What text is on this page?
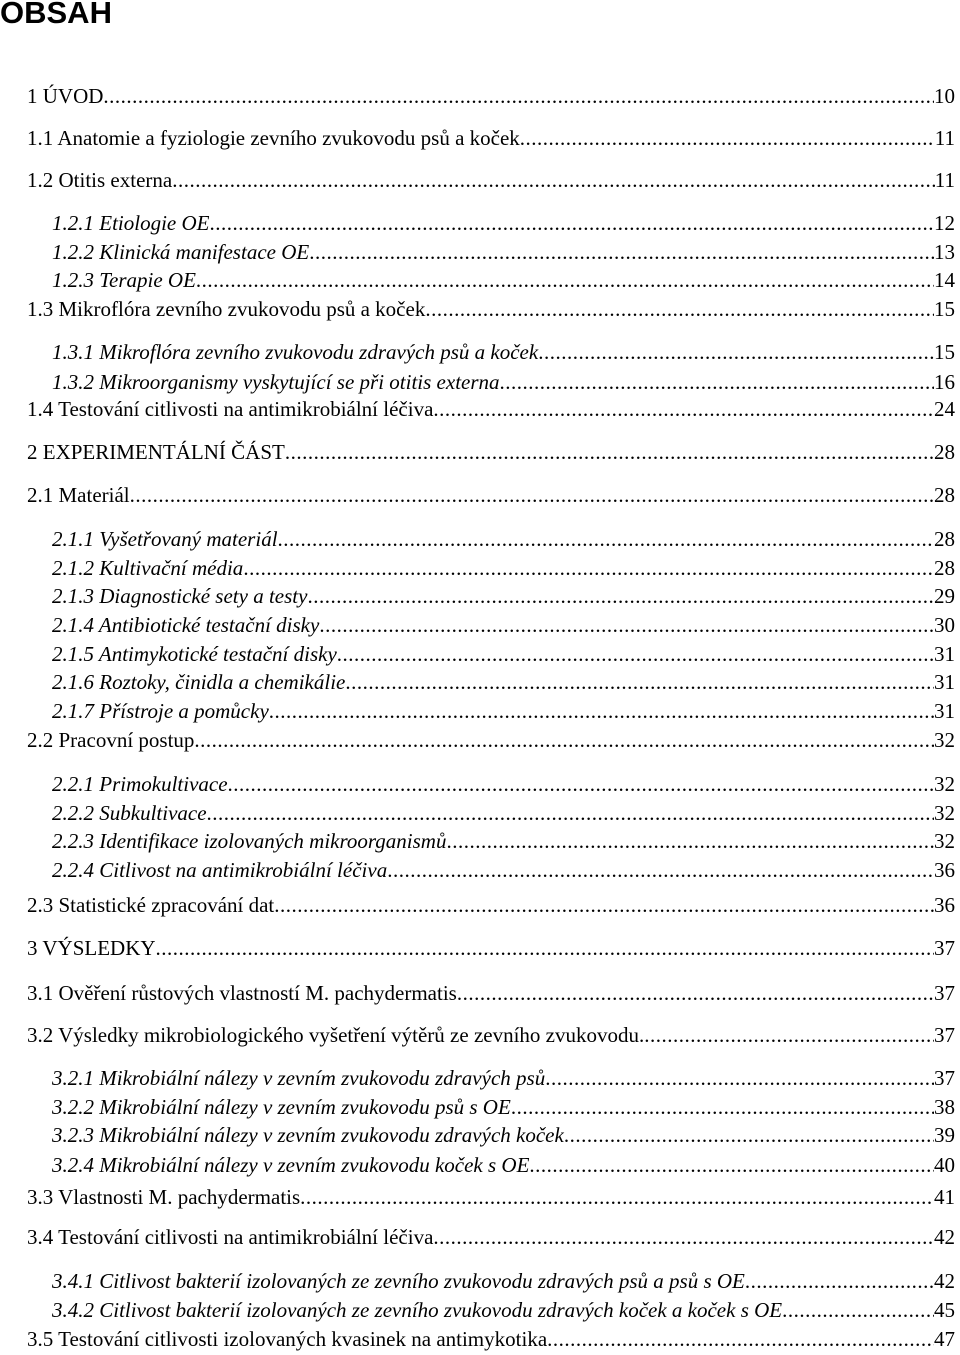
OBSAH
1 ÚVOD .....	10
1.1 Anatomie a fyziologie zevního zvukovodu psů a koček .....	11
1.2 Otitis externa .....	11
1.2.1 Etiologie OE .....	12
1.2.2 Klinická manifestace OE .....	13
1.2.3 Terapie OE .....	14
1.3 Mikroflóra zevního zvukovodu psů a koček .....	15
1.3.1 Mikroflóra zevního zvukovodu zdravých psů a koček .....	15
1.3.2 Mikroorganismy vyskytující se při otitis externa .....	16
1.4 Testování citlivosti na antimikrobiální léčiva .....	24
2 EXPERIMENTÁLNÍ ČÁST .....	28
2.1 Materiál .....	28
2.1.1 Vyšetřovaný materiál .....	28
2.1.2 Kultivační média .....	28
2.1.3 Diagnostické sety a testy .....	29
2.1.4 Antibiotické testační disky .....	30
2.1.5 Antimykotické testační disky .....	31
2.1.6 Roztoky, činidla a chemikálie .....	31
2.1.7 Přístroje a pomůcky .....	31
2.2 Pracovní postup .....	32
2.2.1 Primokultivace .....	32
2.2.2 Subkultivace .....	32
2.2.3 Identifikace izolovaných mikroorganismů .....	32
2.2.4 Citlivost na antimikrobiální léčiva .....	36
2.3 Statistické zpracování dat .....	36
3 VÝSLEDKY .....	37
3.1 Ověření růstových vlastností M. pachydermatis .....	37
3.2 Výsledky mikrobiologického vyšetření výtěrů ze zevního zvukovodu. .....	37
3.2.1 Mikrobiální nálezy v zevním zvukovodu zdravých psů .....	37
3.2.2 Mikrobiální nálezy v zevním zvukovodu psů s OE .....	38
3.2.3 Mikrobiální nálezy v zevním zvukovodu zdravých koček .....	39
3.2.4 Mikrobiální nálezy v zevním zvukovodu koček s OE .....	40
3.3 Vlastnosti M. pachydermatis .....	41
3.4 Testování citlivosti na antimikrobiální léčiva .....	42
3.4.1 Citlivost bakterií izolovaných ze zevního zvukovodu zdravých psů a psů s OE .....	42
3.4.2 Citlivost bakterií izolovaných ze zevního zvukovodu zdravých koček a koček s OE .....	45
3.5 Testování citlivosti izolovaných kvasinek na antimykotika .....	47
